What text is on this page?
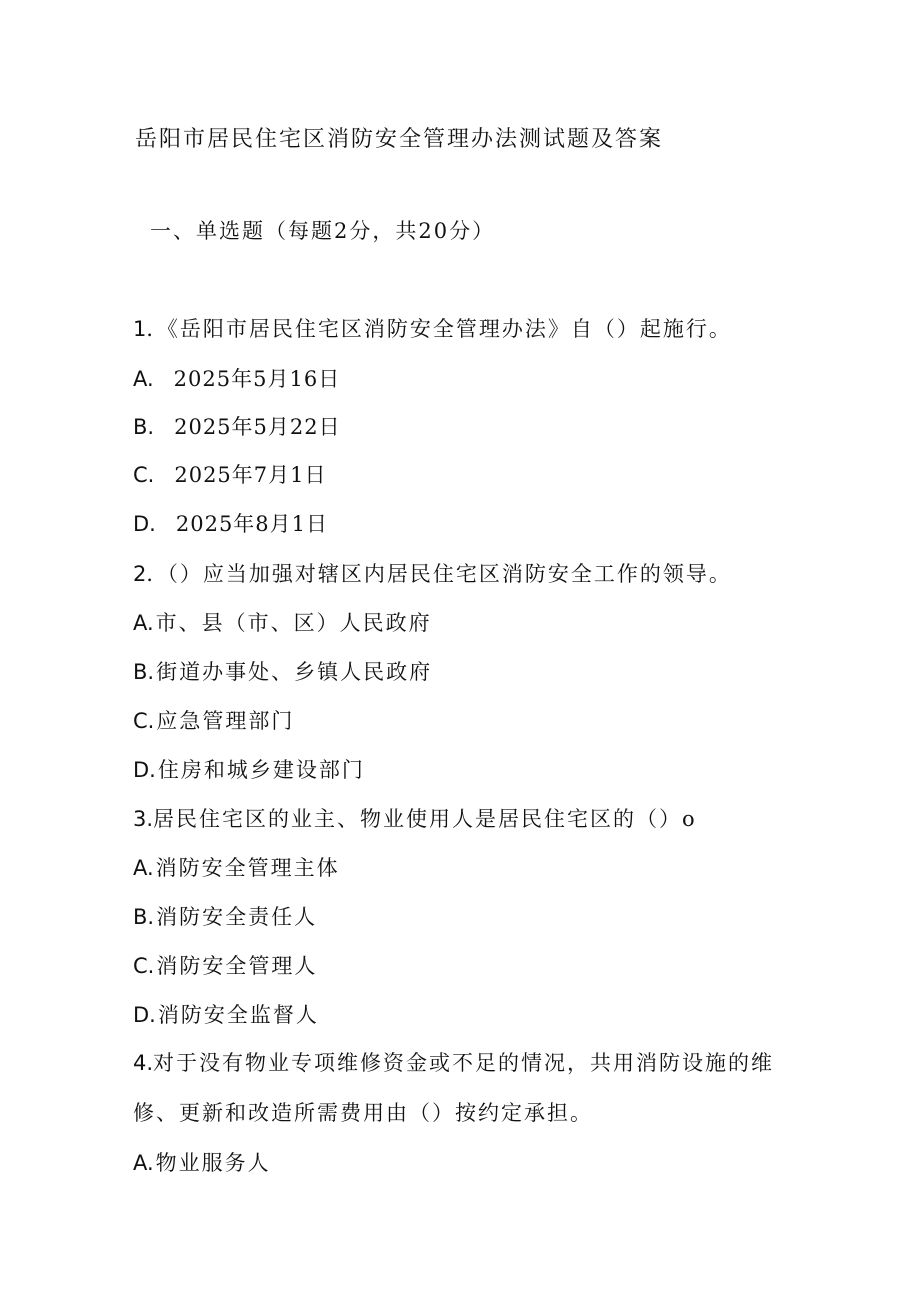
岳阳市居民住宅区消防安全管理办法测试题及答案
一、单选题（每题2分，共20分）
1．《岳阳市居民住宅区消防安全管理办法》自（）起施行。
A. 2025年5月16日
B. 2025年5月22日
C. 2025年7月1日
D. 2025年8月1日
2．（）应当加强对辖区内居民住宅区消防安全工作的领导。
A.市、县（市、区）人民政府
B.街道办事处、乡镇人民政府
C.应急管理部门
D.住房和城乡建设部门
3.居民住宅区的业主、物业使用人是居民住宅区的（）o
A.消防安全管理主体
B.消防安全责任人
C.消防安全管理人
D.消防安全监督人
4.对于没有物业专项维修资金或不足的情况，共用消防设施的维
修、更新和改造所需费用由（）按约定承担。
A.物业服务人
